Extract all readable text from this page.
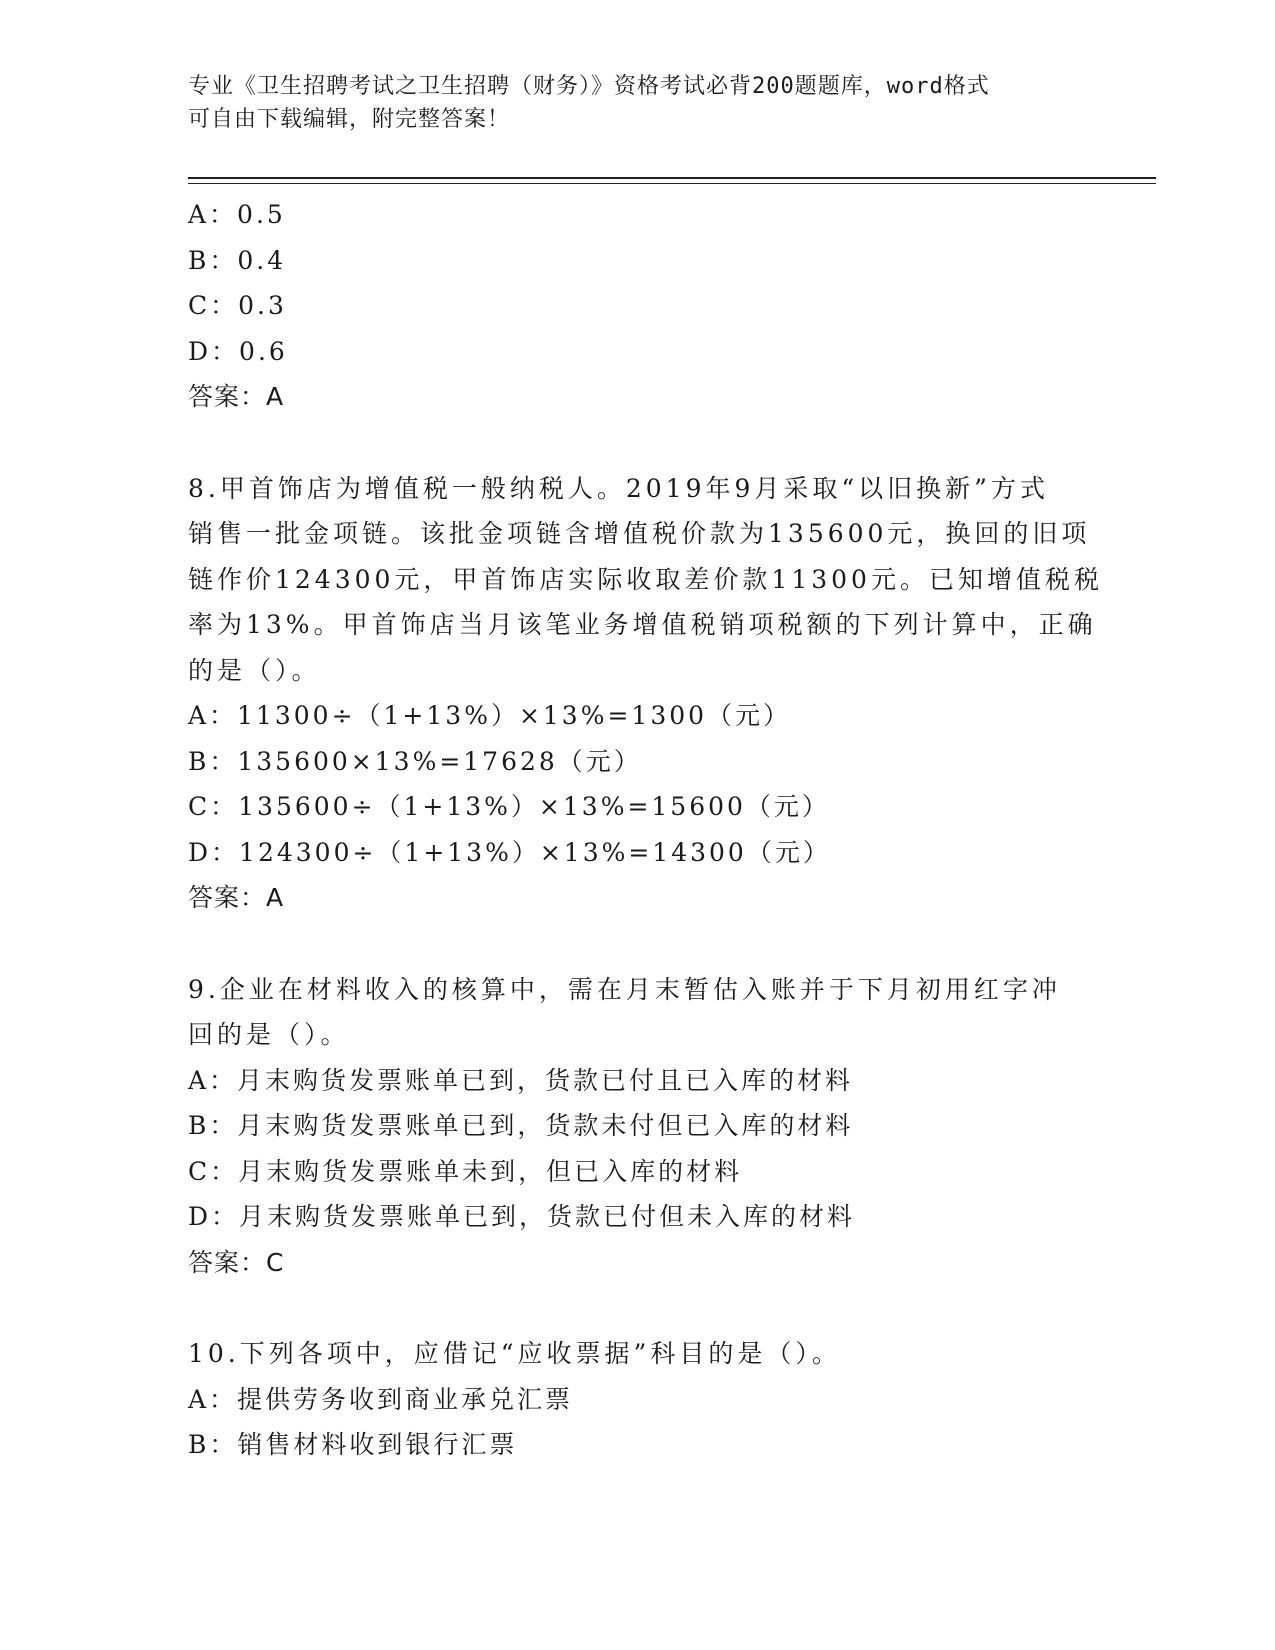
专业《卫生招聘考试之卫生招聘（财务）》资格考试必背200题题库，word格式
可自由下载编辑，附完整答案！
A：0.5
B：0.4
C：0.3
D：0.6
答案：A
8.甲首饰店为增值税一般纳税人。2019年9月采取“以旧换新”方式
销售一批金项链。该批金项链含增值税价款为135600元，换回的旧项
链作价124300元，甲首饰店实际收取差价款11300元。已知增值税税
率为13%。甲首饰店当月该笔业务增值税销项税额的下列计算中，正确
的是（）。
A：11300÷（1+13%）×13%=1300（元）
B：135600×13%=17628（元）
C：135600÷（1+13%）×13%=15600（元）
D：124300÷（1+13%）×13%=14300（元）
答案：A
9.企业在材料收入的核算中，需在月末暂估入账并于下月初用红字冲
回的是（）。
A：月末购货发票账单已到，货款已付且已入库的材料
B：月末购货发票账单已到，货款未付但已入库的材料
C：月末购货发票账单未到，但已入库的材料
D：月末购货发票账单已到，货款已付但未入库的材料
答案：C
10.下列各项中，应借记“应收票据”科目的是（）。
A：提供劳务收到商业承兑汇票
B：销售材料收到银行汇票
